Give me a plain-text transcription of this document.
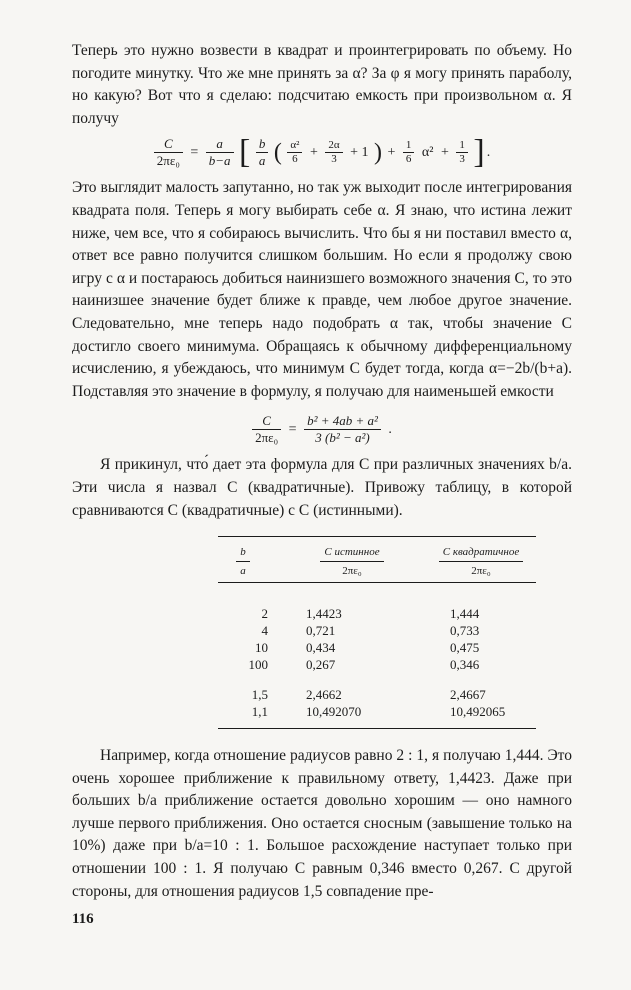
Теперь это нужно возвести в квадрат и проинтегрировать по объему. Но погодите минутку. Что же мне принять за α? За φ я могу принять параболу, но какую? Вот что я сделаю: подсчитаю емкость при произвольном α. Я получу

$\frac{C}{\text{2πε₀}} = \frac{a}{b-a}$ [ $\frac{b}{a}$ ( $\frac{\text{α²}}{6} + \frac{2\alpha}{3} + 1$ ) + $\frac{1}{6} \alpha^2 + \frac{1}{3}$ ] .

Это выглядит малость запутанно, но так уж выходит после интегрирования квадрата поля. Теперь я могу выбирать себе α. Я знаю, что истина лежит ниже, чем все, что я собираюсь вычислить. Что бы я ни поставил вместо α, ответ все равно получится слишком большим. Но если я продолжу свою игру с α и постараюсь добиться наинизшего возможного значения C, то это наинизшее значение будет ближе к правде, чем любое другое значение. Следовательно, мне теперь надо подобрать α так, чтобы значение C достигло своего минимума. Обращаясь к обычному дифференциальному исчислению, я убеждаюсь, что минимум C будет тогда, когда α=−2b/(b+a). Подставляя это значение в формулу, я получаю для наименьшей емкости

$\frac{C}{\text{2πε₀}} = \frac{\text{b² + 4ab + a²}}{\text{3 (b² − a²)}}$ .

Я прикинул, что́ дает эта формула для C при различных значениях b/a. Эти числа я назвал C (квадратичные). Привожу таблицу, в которой сравниваются C (квадратичные) с C (истинными).

$\frac{b}{a}$	$\frac{\text{C истинное}}{\text{2πε₀}}$	$\frac{\text{C квадратичное}}{\text{2πε₀}}$
2	1,4423	1,444
4	0,721	0,733
10	0,434	0,475
100	0,267	0,346
1,5	2,4662	2,4667
1,1	10,492070	10,492065

Например, когда отношение радиусов равно 2 : 1, я получаю 1,444. Это очень хорошее приближение к правильному ответу, 1,4423. Даже при больших b/a приближение остается довольно хорошим — оно намного лучше первого приближения. Оно остается сносным (завышение только на 10%) даже при b/a=10 : 1. Большое расхождение наступает только при отношении 100 : 1. Я получаю C равным 0,346 вместо 0,267. С другой стороны, для отношения радиусов 1,5 совпадение пре-

116
